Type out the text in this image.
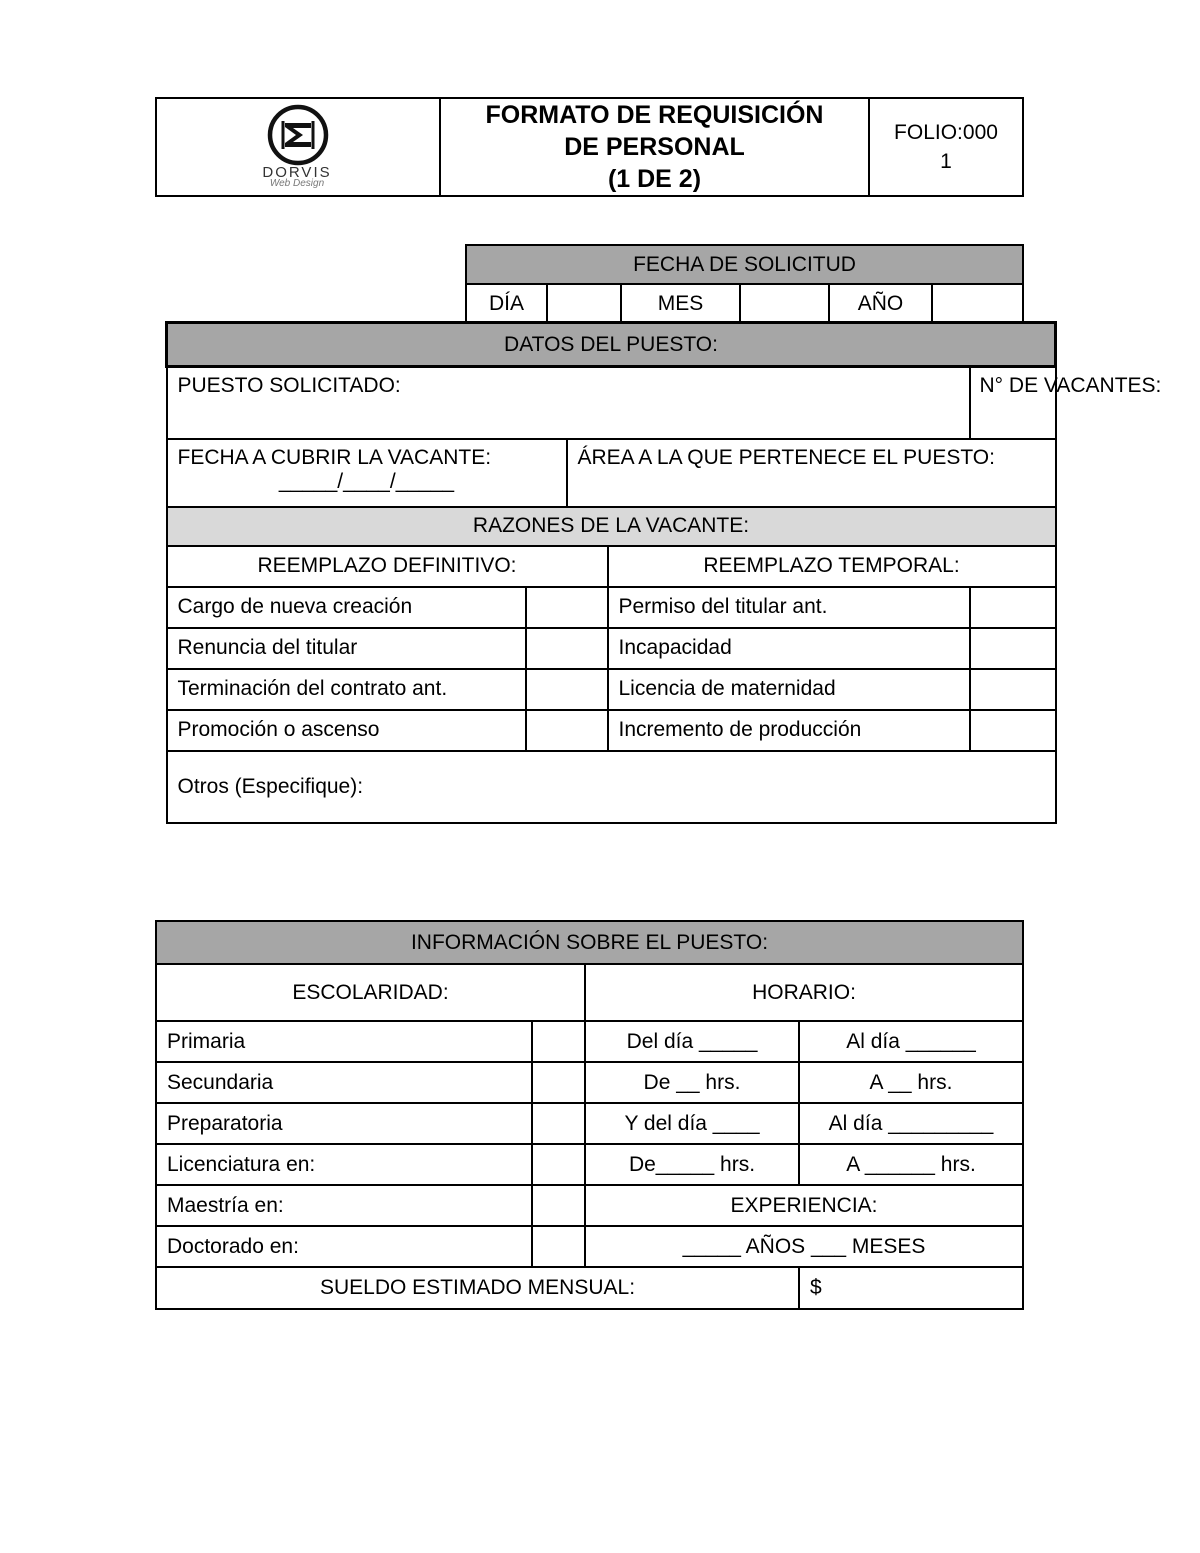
DORVIS
Web Design

FORMATO DE REQUISICIÓN
DE PERSONAL
(1 DE 2)

FOLIO:000
1
FECHA DE SOLICITUD
DÍA		MES		AÑO	
DATOS DEL PUESTO:				
PUESTO SOLICITADO:				N° DE VACANTES:

FECHA A CUBRIR LA VACANTE:
_____/____/_____		ÁREA A LA QUE PERTENECE EL PUESTO:		
RAZONES DE LA VACANTE:				
REEMPLAZO DEFINITIVO:			REEMPLAZO TEMPORAL:	
Cargo de nueva creación			Permiso del titular ant.	
Renuncia del titular			Incapacidad	
Terminación del contrato ant.			Licencia de maternidad	
Promoción o ascenso			Incremento de producción	
Otros (Especifique):				
INFORMACIÓN SOBRE EL PUESTO:			
ESCOLARIDAD:		HORARIO:	
Primaria		Del día _____	Al día ______
Secundaria		De __ hrs.	A __ hrs.
Preparatoria		Y del día ____	Al día _________
Licenciatura en:		De_____ hrs.	A ______ hrs.
Maestría en:		EXPERIENCIA:	
Doctorado en:		_____ AÑOS ___ MESES	
SUELDO ESTIMADO MENSUAL:			$
